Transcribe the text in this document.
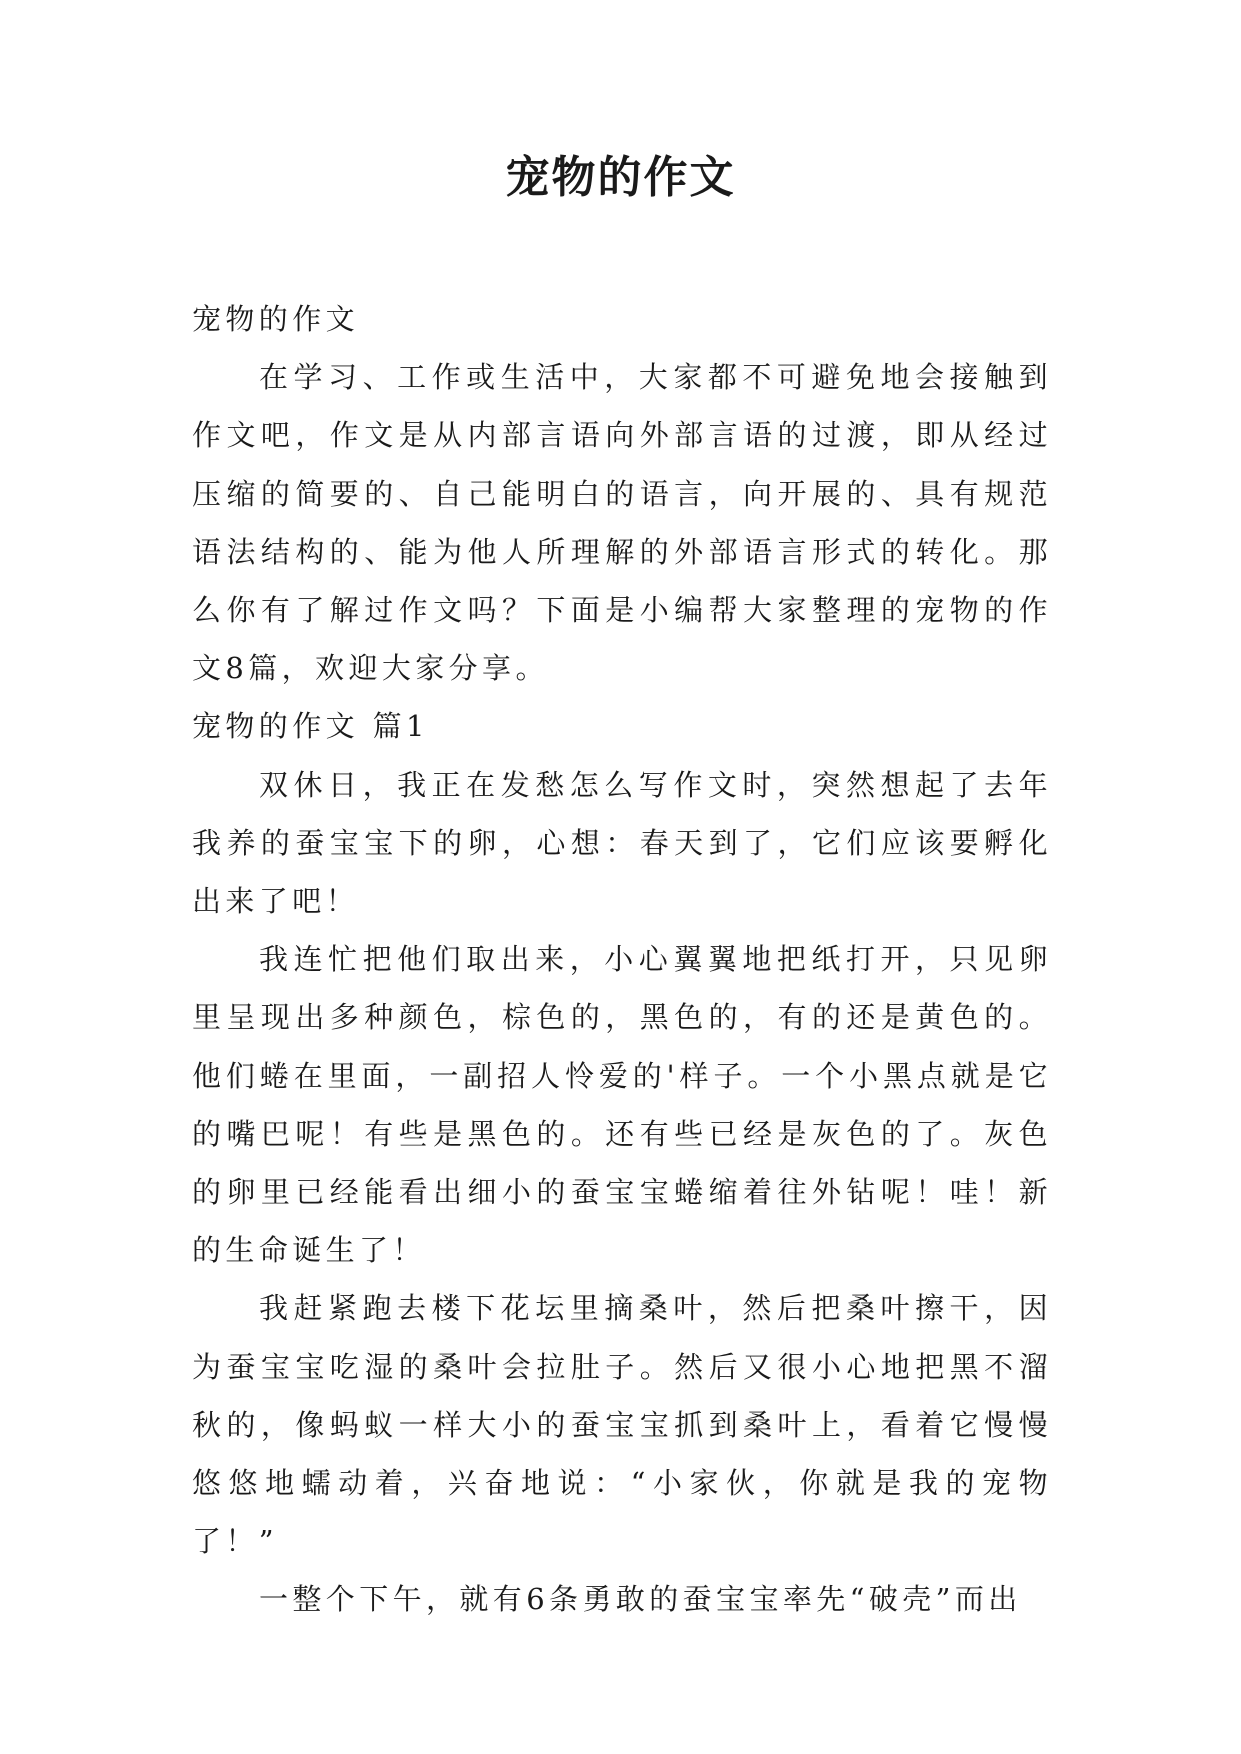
宠物的作文

宠物的作文

在学习、工作或生活中，大家都不可避免地会接触到作文吧，作文是从内部言语向外部言语的过渡，即从经过压缩的简要的、自己能明白的语言，向开展的、具有规范语法结构的、能为他人所理解的外部语言形式的转化。那么你有了解过作文吗？下面是小编帮大家整理的宠物的作文8篇，欢迎大家分享。

宠物的作文 篇1

双休日，我正在发愁怎么写作文时，突然想起了去年我养的蚕宝宝下的卵，心想：春天到了，它们应该要孵化出来了吧！

我连忙把他们取出来，小心翼翼地把纸打开，只见卵里呈现出多种颜色，棕色的，黑色的，有的还是黄色的。他们蜷在里面，一副招人怜爱的'样子。一个小黑点就是它的嘴巴呢！有些是黑色的。还有些已经是灰色的了。灰色的卵里已经能看出细小的蚕宝宝蜷缩着往外钻呢！哇！新的生命诞生了！

我赶紧跑去楼下花坛里摘桑叶，然后把桑叶擦干，因为蚕宝宝吃湿的桑叶会拉肚子。然后又很小心地把黑不溜秋的，像蚂蚁一样大小的蚕宝宝抓到桑叶上，看着它慢慢悠悠地蠕动着，兴奋地说：“小家伙，你就是我的宠物了！”

一整个下午，就有6条勇敢的蚕宝宝率先“破壳”而出
